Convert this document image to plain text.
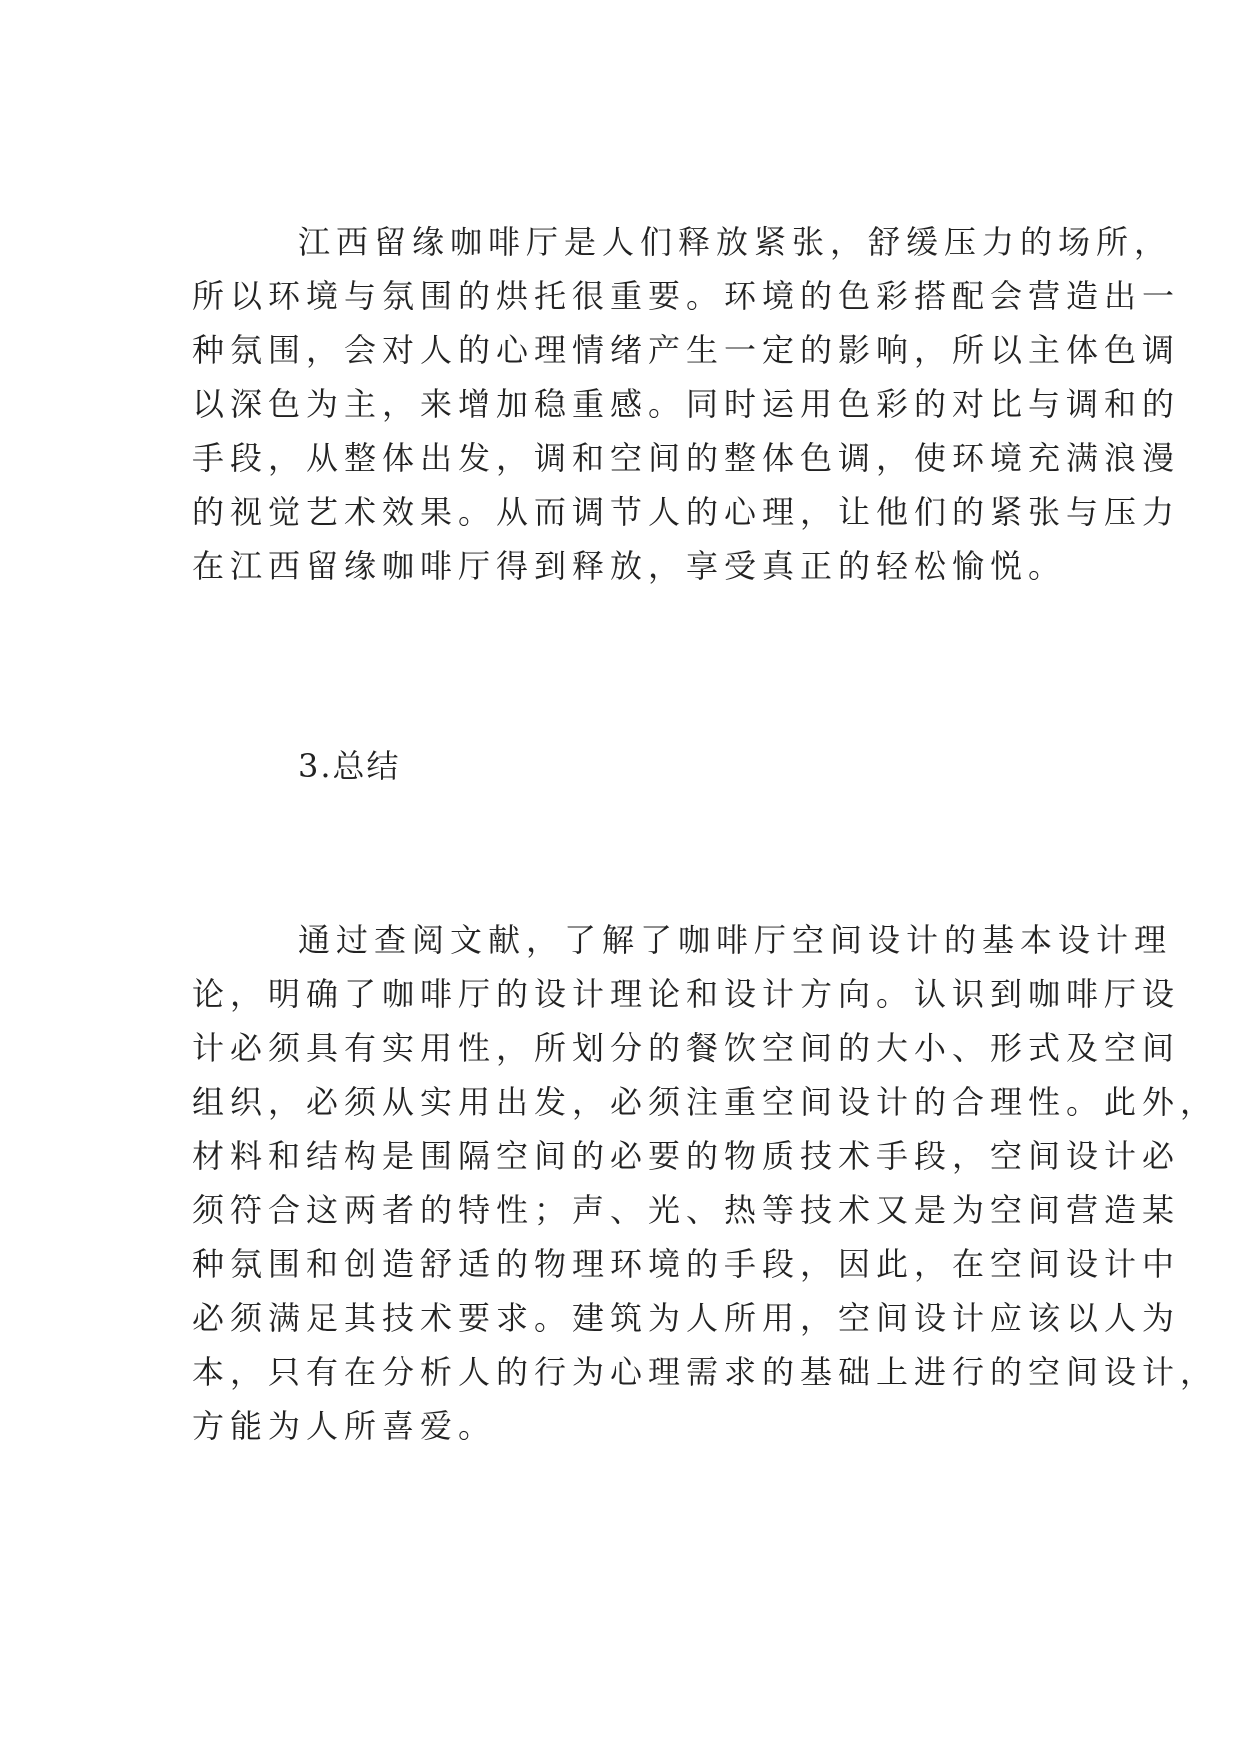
江西留缘咖啡厅是人们释放紧张，舒缓压力的场所，
所以环境与氛围的烘托很重要。环境的色彩搭配会营造出一
种氛围，会对人的心理情绪产生一定的影响，所以主体色调
以深色为主，来增加稳重感。同时运用色彩的对比与调和的
手段，从整体出发，调和空间的整体色调，使环境充满浪漫
的视觉艺术效果。从而调节人的心理，让他们的紧张与压力
在江西留缘咖啡厅得到释放，享受真正的轻松愉悦。
3.总结
通过查阅文献，了解了咖啡厅空间设计的基本设计理
论，明确了咖啡厅的设计理论和设计方向。认识到咖啡厅设
计必须具有实用性，所划分的餐饮空间的大小、形式及空间
组织，必须从实用出发，必须注重空间设计的合理性。此外，
材料和结构是围隔空间的必要的物质技术手段，空间设计必
须符合这两者的特性；声、光、热等技术又是为空间营造某
种氛围和创造舒适的物理环境的手段，因此，在空间设计中
必须满足其技术要求。建筑为人所用，空间设计应该以人为
本，只有在分析人的行为心理需求的基础上进行的空间设计，
方能为人所喜爱。
